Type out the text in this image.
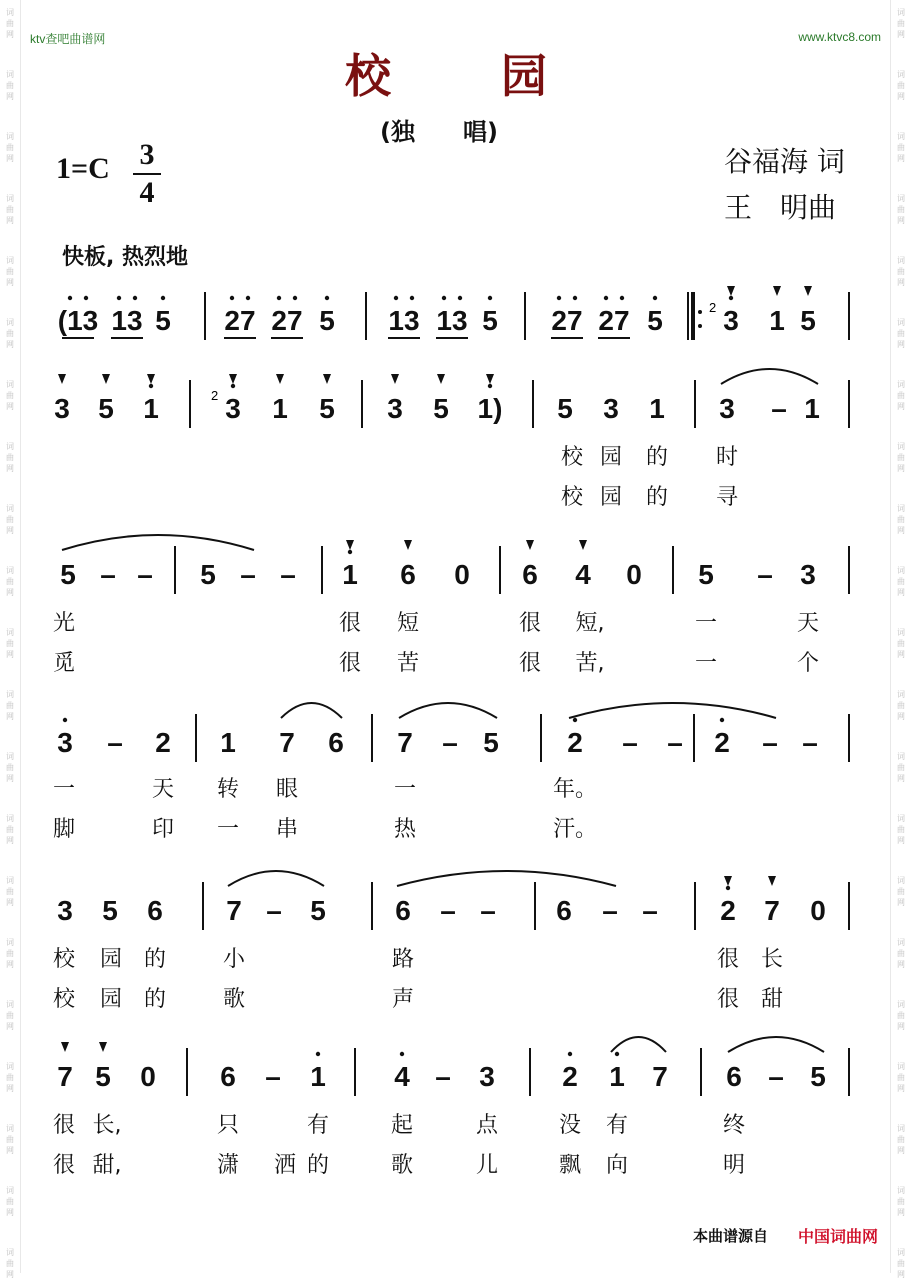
ktv查吧曲谱网	www.ktvc8.com
校　　园
(独　　唱)
1=C 3
4
谷福海 词
王　明曲
快板, 热烈地
2
2
(13 13 5 27 27 5 13 13 5 27 27 5 3 1 5
3 5 1 3 1 5 3 5 1) 5 3 1 3 – 1
校 园 的 时
校 园 的 寻
5 – – 5 – – 1 6 0 6 4 0 5 – 3
光	很 短	很 短,	一	天
觅	很 苦	很 苦,	一	个
3 – 2 1 7 6 7 – 5 2 – – 2 – –
一	天 转 眼	一	年。
脚	印 一 串	热	汗。
3 5 6 7 – 5 6 – – 6 – – 2 7 0
校 园 的	小	路	很 长
校 园 的	歌	声	很 甜
7 5 0 6 – 1 4 – 3 2 1 7 6 – 5
很 长,	只	有	起	点	没 有	终
很 甜,	潇 洒 的	歌	儿	飘 向	明
本曲谱源自 中国词曲网
词
曲
网
词
曲
网
词
曲
网
词
曲
网
词
曲
网
词
曲
网
词
曲
网
词
曲
网
词
曲
网
词
曲
网
词
曲
网
词
曲
网
词
曲
网
词
曲
网
词
曲
网
词
曲
网
词
曲
网
词
曲
网
词
曲
网
词
曲
网
词
曲
网
词
曲
网
词
曲
网
词
曲
网
词
曲
网
词
曲
网
词
曲
网
词
曲
网
词
曲
网
词
曲
网
词
曲
网
词
曲
网
词
曲
网
词
曲
网
词
曲
网
词
曲
网
词
曲
网
词
曲
网
词
曲
网
词
曲
网
词
曲
网
词
曲
网
